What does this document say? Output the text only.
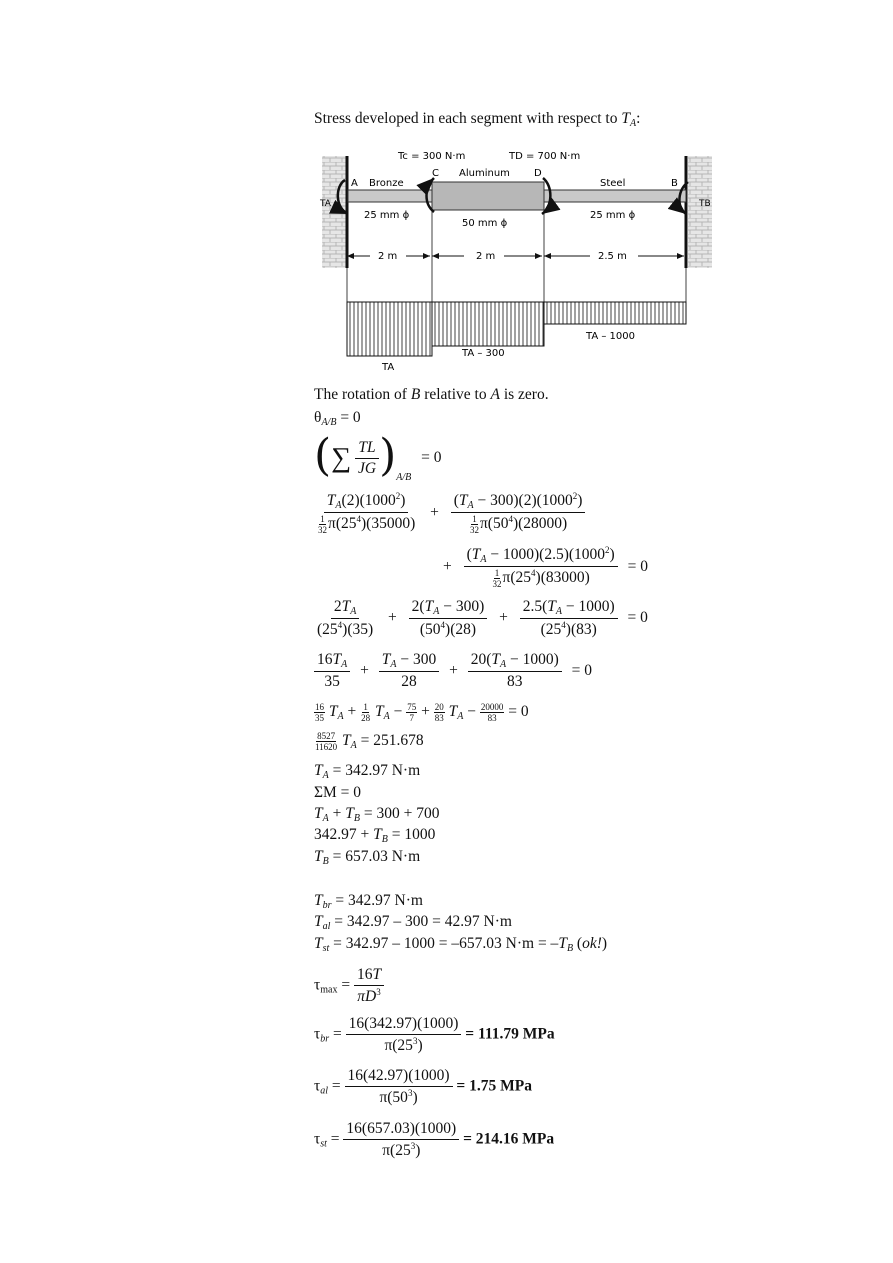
Stress developed in each segment with respect to $T_A$:
Tc = 300 N·m	TD = 700 N·m
A Bronze
C Aluminum D
Steel	B
TA	TB
25 mm ϕ
50 mm ϕ
25 mm ϕ
2 m	2 m	2.5 m
TA
TA – 300
TA – 1000
The rotation of B relative to A is zero.
$\theta_{A/B} = 0$
(∑ $\frac{TL}{JG} )_{A/B} = 0$
$\frac{T_A(2)(1000^2)}{\frac{1}{32} \pi(25^4)(35000)} + \frac{(T_A - 300)(2)(1000^2)}{\frac{1}{32} \pi(50^4)(28000)}$
+ $\frac{(T_A - 1000)(2.5)(1000^2)}{\frac{1}{32} \pi(25^4)(83000)} = 0$
$\frac{2T_A}{(25^4)(35)} + \frac{2(T_A - 300)}{(50^4)(28)} + \frac{2.5(T_A - 1000)}{(25^4)(83)} = 0$
$\frac{16T_A}{35} + \frac{T_A - 300}{28} + \frac{20(T_A - 1000)}{83} = 0$
$\frac{16}{35} T_A + \frac{1}{28} T_A - \frac{75}{7} + \frac{20}{83} T_A - \frac{20000}{83} = 0$
$\frac{8527}{11620} T_A = 251.678$
$T_A = 342.97$ N·m
ΣM = 0
$T_A + T_B = 300 + 700$
$342.97 + T_B = 1000$
$T_B = 657.03$ N·m
$T_{br} = 342.97$ N·m
$T_{al} = 342.97 - 300 = 42.97$ N·m
$T_{st} = 342.97 - 1000 = -657.03$ $N\cdot m = -T_B$ (ok!)
$\tau_{max} = \frac{16T}{\pi D^3}$
$\tau_{br} = \frac{16(342.97)(1000)}{\pi(25^3)} = 111.79$ MPa
$\tau_{al} = \frac{16(42.97)(1000)}{\pi(50^3)} = 1.75$ MPa
$\tau_{st} = \frac{16(657.03)(1000)}{\pi(25^3)} = 214.16$ MPa
